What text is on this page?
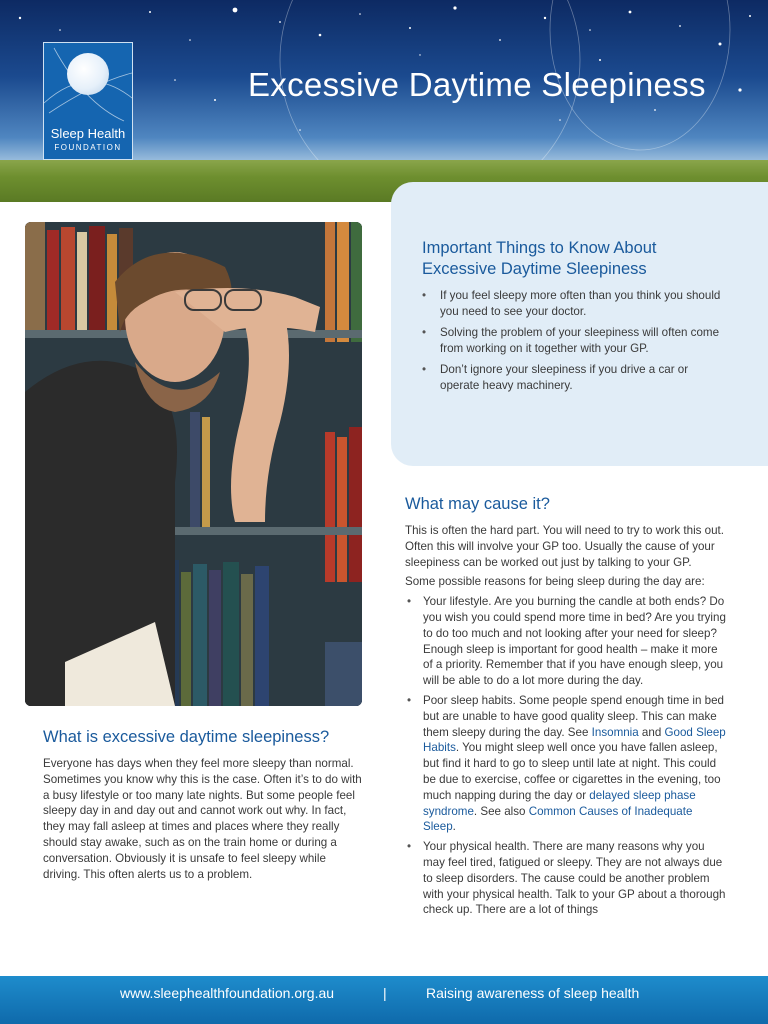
Sleep Health
FOUNDATION
Excessive Daytime Sleepiness
Important Things to Know About
Excessive Daytime Sleepiness
• If you feel sleepy more often than you think you should you need to see your doctor.
• Solving the problem of your sleepiness will often come from working on it together with your GP.
• Don’t ignore your sleepiness if you drive a car or operate heavy machinery.
What is excessive daytime sleepiness?

Everyone has days when they feel more sleepy than normal. Sometimes you know why this is the case. Often it’s to do with a busy lifestyle or too many late nights. But some people feel sleepy day in and day out and cannot work out why. In fact, they may fall asleep at times and places where they really should stay awake, such as on the train home or during a conversation. Obviously it is unsafe to feel sleepy while driving. This often alerts us to a problem.

What may cause it?

This is often the hard part. You will need to try to work this out. Often this will involve your GP too. Usually the cause of your sleepiness can be worked out just by talking to your GP.

Some possible reasons for being sleep during the day are:

• Your lifestyle. Are you burning the candle at both ends? Do you wish you could spend more time in bed? Are you trying to do too much and not looking after your need for sleep? Enough sleep is important for good health – make it more of a priority. Remember that if you have enough sleep, you will be able to do a lot more during the day.
• Poor sleep habits. Some people spend enough time in bed but are unable to have good quality sleep. This can make them sleepy during the day. See Insomnia and Good Sleep Habits. You might sleep well once you have fallen asleep, but find it hard to go to sleep until late at night. This could be due to exercise, coffee or cigarettes in the evening, too much napping during the day or delayed sleep phase syndrome. See also Common Causes of Inadequate Sleep.
• Your physical health. There are many reasons why you may feel tired, fatigued or sleepy. They are not always due to sleep disorders. The cause could be another problem with your physical health. Talk to your GP about a thorough check up. There are a lot of things
www.sleephealthfoundation.org.au	|	Raising awareness of sleep health
